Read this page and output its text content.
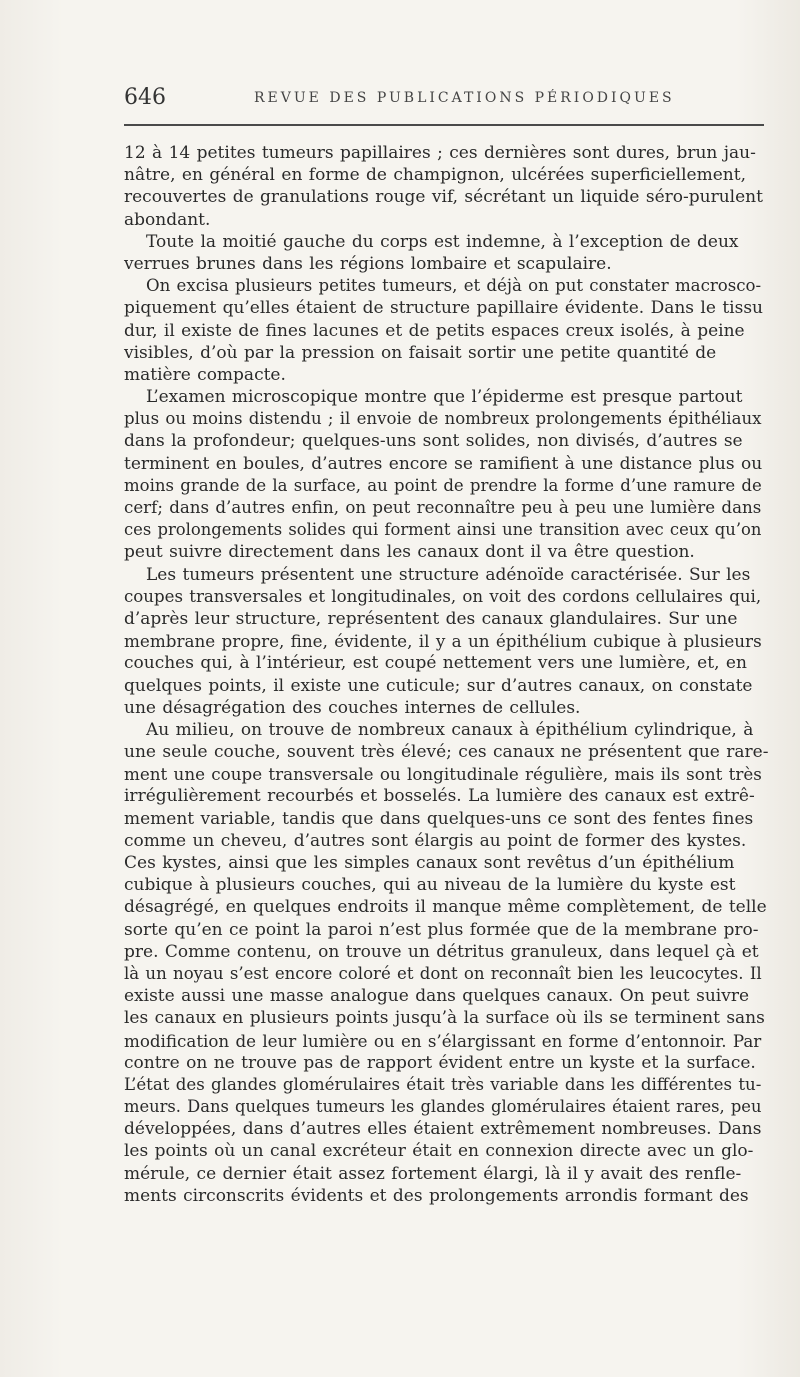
646	REVUE DES PUBLICATIONS PÉRIODIQUES
12 à 14 petites tumeurs papillaires ; ces dernières sont dures, brun jau-
nâtre, en général en forme de champignon, ulcérées superficiellement,
recouvertes de granulations rouge vif, sécrétant un liquide séro-purulent
abondant.
Toute la moitié gauche du corps est indemne, à l’exception de deux
verrues brunes dans les régions lombaire et scapulaire.
On excisa plusieurs petites tumeurs, et déjà on put constater macrosco-
piquement qu’elles étaient de structure papillaire évidente. Dans le tissu
dur, il existe de fines lacunes et de petits espaces creux isolés, à peine
visibles, d’où par la pression on faisait sortir une petite quantité de
matière compacte.
L’examen microscopique montre que l’épiderme est presque partout
plus ou moins distendu ; il envoie de nombreux prolongements épithéliaux
dans la profondeur; quelques-uns sont solides, non divisés, d’autres se
terminent en boules, d’autres encore se ramifient à une distance plus ou
moins grande de la surface, au point de prendre la forme d’une ramure de
cerf; dans d’autres enfin, on peut reconnaître peu à peu une lumière dans
ces prolongements solides qui forment ainsi une transition avec ceux qu’on
peut suivre directement dans les canaux dont il va être question.
Les tumeurs présentent une structure adénoïde caractérisée. Sur les
coupes transversales et longitudinales, on voit des cordons cellulaires qui,
d’après leur structure, représentent des canaux glandulaires. Sur une
membrane propre, fine, évidente, il y a un épithélium cubique à plusieurs
couches qui, à l’intérieur, est coupé nettement vers une lumière, et, en
quelques points, il existe une cuticule; sur d’autres canaux, on constate
une désagrégation des couches internes de cellules.
Au milieu, on trouve de nombreux canaux à épithélium cylindrique, à
une seule couche, souvent très élevé; ces canaux ne présentent que rare-
ment une coupe transversale ou longitudinale régulière, mais ils sont très
irrégulièrement recourbés et bosselés. La lumière des canaux est extrê-
mement variable, tandis que dans quelques-uns ce sont des fentes fines
comme un cheveu, d’autres sont élargis au point de former des kystes.
Ces kystes, ainsi que les simples canaux sont revêtus d’un épithélium
cubique à plusieurs couches, qui au niveau de la lumière du kyste est
désagrégé, en quelques endroits il manque même complètement, de telle
sorte qu’en ce point la paroi n’est plus formée que de la membrane pro-
pre. Comme contenu, on trouve un détritus granuleux, dans lequel çà et
là un noyau s’est encore coloré et dont on reconnaît bien les leucocytes. Il
existe aussi une masse analogue dans quelques canaux. On peut suivre
les canaux en plusieurs points jusqu’à la surface où ils se terminent sans
modification de leur lumière ou en s’élargissant en forme d’entonnoir. Par
contre on ne trouve pas de rapport évident entre un kyste et la surface.
L’état des glandes glomérulaires était très variable dans les différentes tu-
meurs. Dans quelques tumeurs les glandes glomérulaires étaient rares, peu
développées, dans d’autres elles étaient extrêmement nombreuses. Dans
les points où un canal excréteur était en connexion directe avec un glo-
mérule, ce dernier était assez fortement élargi, là il y avait des renfle-
ments circonscrits évidents et des prolongements arrondis formant des
